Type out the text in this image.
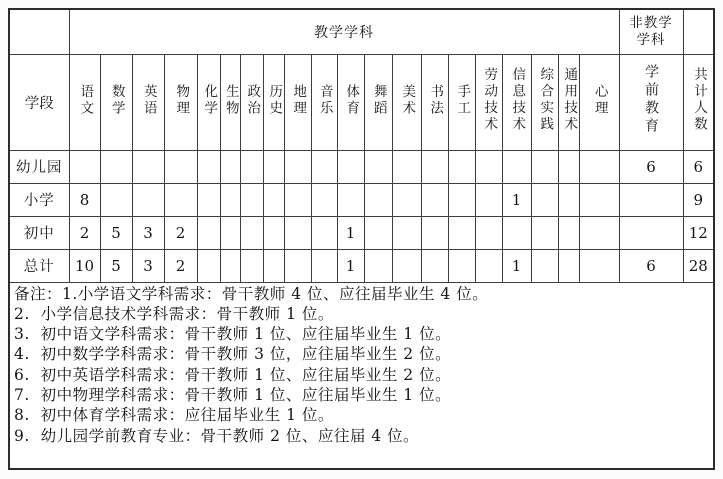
	教学学科																				非教学
学科	

学段	语文	数学	英语	物理	化学	生物	政治	历史	地理	音乐	体育	舞蹈	美术	书法	手工	劳动技术	信息技术	综合实践	通用技术	心理	学前教育	共计人数
幼儿园																					6	6
小学	8																1					9
初中	2	5	3	2							1											12
总计	10	5	3	2							1						1				6	28

备注：1.小学语文学科需求：骨干教师 4 位、应往届毕业生 4 位。
2.  小学信息技术学科需求：骨干教师 1 位。
3.  初中语文学科需求：骨干教师 1 位、应往届毕业生 1 位。
4.  初中数学学科需求：骨干教师 3 位，应往届毕业生 2 位。
6.  初中英语学科需求：骨干教师 1 位、应往届毕业生 2 位。
7.  初中物理学科需求：骨干教师 1 位、应往届毕业生 1 位。
8.  初中体育学科需求：应往届毕业生 1 位。
9.  幼儿园学前教育专业：骨干教师 2 位、应往届 4 位。
